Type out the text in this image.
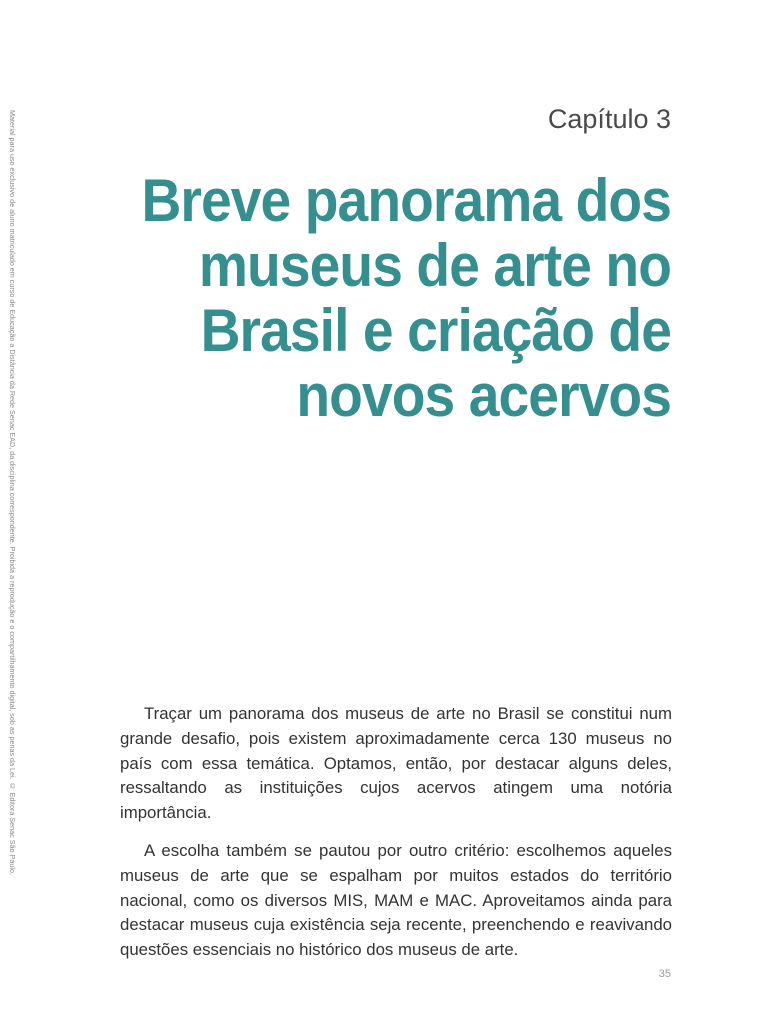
Material para uso exclusivo de aluno matriculado em curso de Educação a Distância da Rede Senac EAD, da disciplina correspondente. Proibida a reprodução e o compartilhamento digital, sob as penas da Lei. © Editora Senac São Paulo.	Capítulo 3
Breve panorama dos
museus de arte no
Brasil e criação de
novos acervos

Traçar um panorama dos museus de arte no Brasil se constitui num grande desafio, pois existem aproximadamente cerca 130 museus no país com essa temática. Optamos, então, por destacar alguns deles, ressaltando as instituições cujos acervos atingem uma notória importância.

A escolha também se pautou por outro critério: escolhemos aqueles museus de arte que se espalham por muitos estados do território nacional, como os diversos MIS, MAM e MAC. Aproveitamos ainda para destacar museus cuja existência seja recente, preenchendo e reavivando questões essenciais no histórico dos museus de arte.

35
